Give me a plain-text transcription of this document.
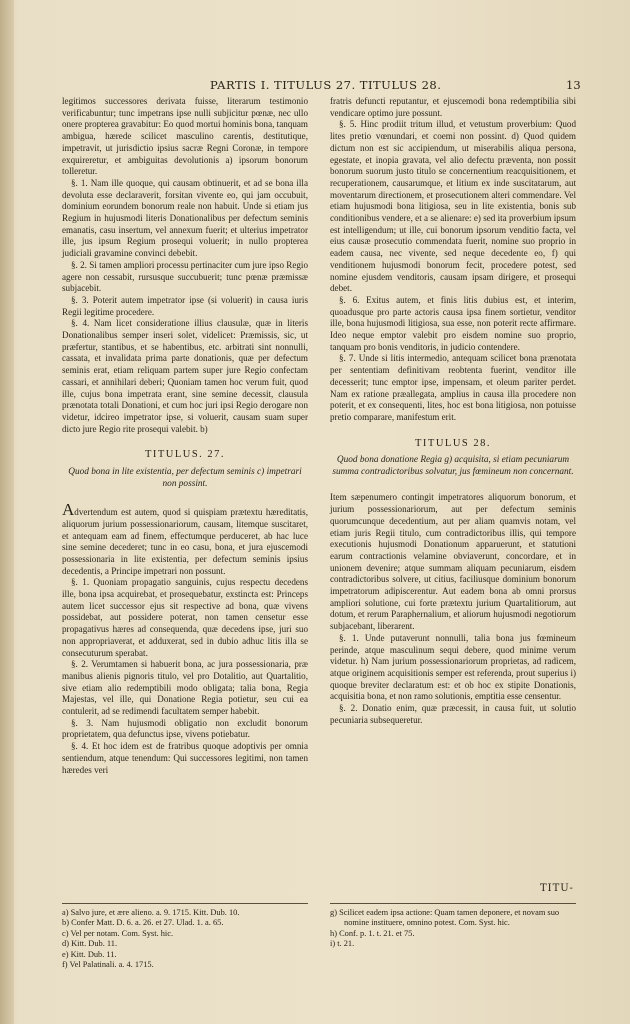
PARTIS I. TITULUS 27. TITULUS 28.	13

legitimos successores derivata fuisse, literarum testimonio verificabuntur; tunc impetrans ipse nulli subjicitur pœnæ, nec ullo onere propterea gravabitur: Eo quod mortui hominis bona, tanquam ambigua, hærede scilicet masculino carentis, destitutique, impetravit, ut jurisdictio ipsius sacræ Regni Coronæ, in tempore exquireretur, et ambiguitas devolutionis a) ipsorum bonorum tolleretur.

§. 1. Nam ille quoque, qui causam obtinuerit, et ad se bona illa devoluta esse declaraverit, forsitan vivente eo, qui jam occubuit, dominium eorundem bonorum reale non habuit. Unde si etiam jus Regium in hujusmodi literis Donationalibus per defectum seminis emanatis, casu insertum, vel annexum fuerit; et ulterius impetrator ille, jus ipsum Regium prosequi voluerit; in nullo propterea judiciali gravamine convinci debebit.

§. 2. Si tamen ampliori processu pertinaciter cum jure ipso Regio agere non cessabit, rursusque succubuerit; tunc pœnæ præmissæ subjacebit.

§. 3. Poterit autem impetrator ipse (si voluerit) in causa iuris Regii legitime procedere.

§. 4. Nam licet consideratione illius clausulæ, quæ in literis Donationalibus semper inseri solet, videlicet: Præmissis, sic, ut præfertur, stantibus, et se habentibus, etc. arbitrati sint nonnulli, cassata, et invalidata prima parte donationis, quæ per defectum seminis erat, etiam reliquam partem super jure Regio confectam cassari, et annihilari deberi; Quoniam tamen hoc verum fuit, quod ille, cujus bona impetrata erant, sine semine decessit, clausula prænotata totali Donationi, et cum hoc juri ipsi Regio derogare non videtur, idcireo impetrator ipse, si voluerit, causam suam super dicto jure Regio rite prosequi valebit. b)

TITULUS. 27.
Quod bona in lite existentia, per defectum seminis c) impetrari non possint.

Advertendum est autem, quod si quispiam prætextu hæreditatis, aliquorum jurium possessionariorum, causam, litemque suscitaret, et antequam eam ad finem, effectumque perduceret, ab hac luce sine semine decederet; tunc in eo casu, bona, et jura ejuscemodi possessionaria in lite existentia, per defectum seminis ipsius decedentis, a Principe impetrari non possunt.

§. 1. Quoniam propagatio sanguinis, cujus respectu decedens ille, bona ipsa acquirebat, et prosequebatur, exstincta est: Princeps autem licet successor ejus sit respective ad bona, quæ vivens possidebat, aut possidere poterat, non tamen censetur esse propagativus hæres ad consequenda, quæ decedens ipse, juri suo non appropriaverat, et adduxerat, sed in dubio adhuc litis illa se consecuturum sperabat.

§. 2. Verumtamen si habuerit bona, ac jura possessionaria, præ manibus alienis pignoris titulo, vel pro Dotalitio, aut Quartalitio, sive etiam alio redemptibili modo obligata; talia bona, Regia Majestas, vel ille, qui Donatione Regia potietur, seu cui ea contulerit, ad se redimendi facultatem semper habebit.

§. 3. Nam hujusmodi obligatio non excludit bonorum proprietatem, qua defunctus ipse, vivens potiebatur.

§. 4. Et hoc idem est de fratribus quoque adoptivis per omnia sentiendum, atque tenendum: Qui successores legitimi, non tamen hæredes veri

fratris defuncti reputantur, et ejuscemodi bona redemptibilia sibi vendicare optimo jure possunt.

§. 5. Hinc prodiit tritum illud, et vetustum proverbium: Quod lites pretio vœnundari, et coemi non possint. d) Quod quidem dictum non est sic accipiendum, ut miserabilis aliqua persona, egestate, et inopia gravata, vel alio defectu præventa, non possit bonorum suorum justo titulo se concernentium reacquisitionem, et recuperationem, causarumque, et litium ex inde suscitatarum, aut moventarum directionem, et prosecutionem alteri commendare. Vel etiam hujusmodi bona litigiosa, seu in lite existentia, bonis sub conditionibus vendere, et a se alienare: e) sed ita proverbium ipsum est intelligendum; ut ille, cui bonorum ipsorum venditio facta, vel eius causæ prosecutio commendata fuerit, nomine suo proprio in eadem causa, nec vivente, sed neque decedente eo, f) qui venditionem hujusmodi bonorum fecit, procedere potest, sed nomine ejusdem venditoris, causam ipsam dirigere, et prosequi debet.

§. 6. Exitus autem, et finis litis dubius est, et interim, quoadusque pro parte actoris causa ipsa finem sortietur, venditor ille, bona hujusmodi litigiosa, sua esse, non poterit recte affirmare. Ideo neque emptor valebit pro eisdem nomine suo proprio, tanquam pro bonis venditoris, in judicio contendere.

§. 7. Unde si litis intermedio, antequam scilicet bona prænotata per sententiam definitivam reobtenta fuerint, venditor ille decesserit; tunc emptor ipse, impensam, et oleum pariter perdet. Nam ex ratione præallegata, amplius in causa illa procedere non poterit, et ex consequenti, lites, hoc est bona litigiosa, non potuisse pretio comparare, manifestum erit.

TITULUS 28.
Quod bona donatione Regia g) acquisita, si etiam pecuniarum summa contradictoribus solvatur, jus fœmineum non concernant.

Item sæpenumero contingit impetratores aliquorum bonorum, et jurium possessionariorum, aut per defectum seminis quorumcunque decedentium, aut per aliam quamvis notam, vel etiam juris Regii titulo, cum contradictoribus illis, qui tempore executionis hujusmodi Donationum apparuerunt, et statutioni earum contractionis velamine obviaverunt, concordare, et in unionem devenire; atque summam aliquam pecuniarum, eisdem contradictoribus solvere, ut citius, faciliusque dominium bonorum impetratorum adipiscerentur. Aut eadem bona ab omni prorsus ampliori solutione, cui forte prætextu jurium Quartalitiorum, aut dotum, et rerum Paraphernalium, et aliorum hujusmodi negotiorum subjacebant, liberarent.

§. 1. Unde putaverunt nonnulli, talia bona jus fœmineum perinde, atque masculinum sequi debere, quod minime verum videtur. h) Nam jurium possessionariorum proprietas, ad radicem, atque originem acquisitionis semper est referenda, prout superius i) quoque breviter declaratum est: et ob hoc ex stipite Donationis, acquisitia bona, et non ramo solutionis, emptitia esse censentur.

§. 2. Donatio enim, quæ præcessit, in causa fuit, ut solutio pecuniaria subsequeretur.

TITU-
a) Salvo jure, et ære alieno. a. 9. 1715. Kitt. Dub. 10.
b) Confer Matt. D. 6. a. 26. et 27. Ulad. 1. a. 65.
c) Vel per notam. Com. Syst. hic.
d) Kitt. Dub. 11.
e) Kitt. Dub. 11.
f) Vel Palatinali. a. 4. 1715.
g) Scilicet eadem ipsa actione: Quam tamen deponere, et novam suo nomine instituere, omnino potest. Com. Syst. hic.
h) Conf. p. 1. t. 21. et 75.
i) t. 21.
